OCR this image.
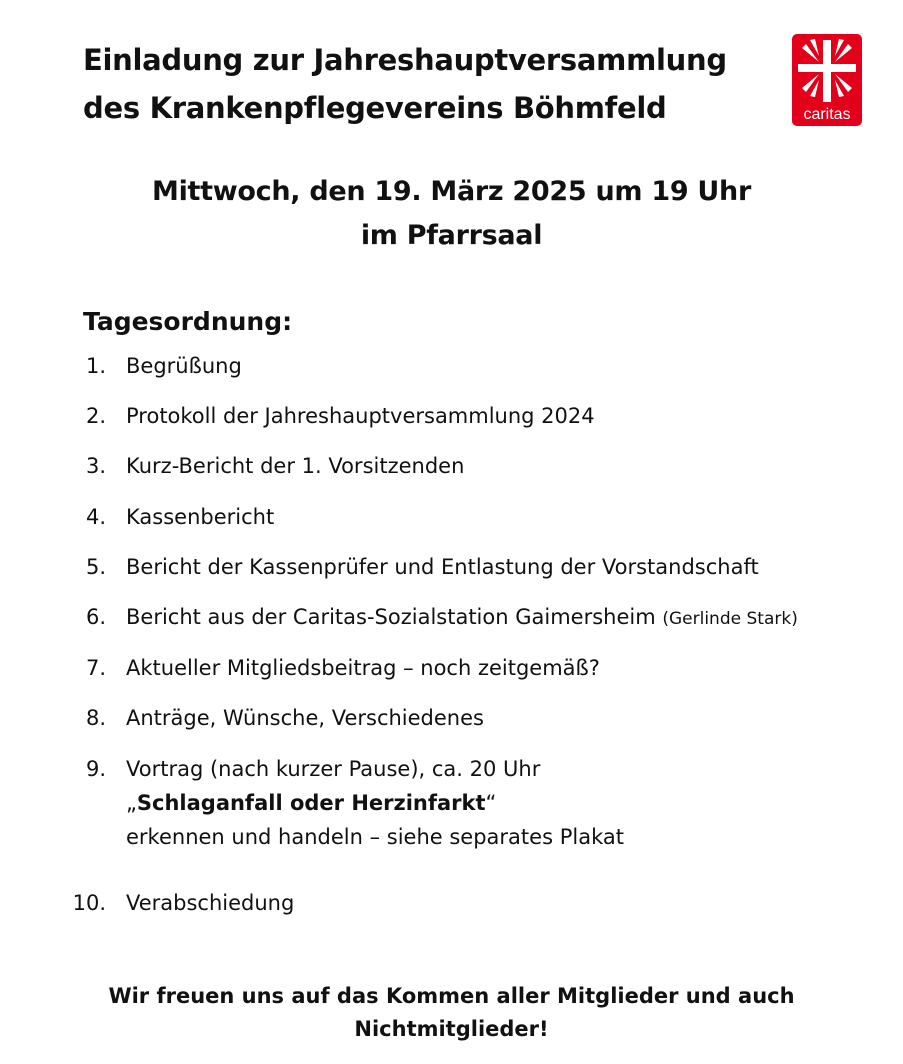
Einladung zur Jahreshauptversammlung
des Krankenpflegevereins Böhmfeld	caritas
Mittwoch, den 19. März 2025 um 19 Uhr
im Pfarrsaal
Tagesordnung:
1. Begrüßung
2. Protokoll der Jahreshauptversammlung 2024
3. Kurz-Bericht der 1. Vorsitzenden
4. Kassenbericht
5. Bericht der Kassenprüfer und Entlastung der Vorstandschaft
6. Bericht aus der Caritas-Sozialstation Gaimersheim (Gerlinde Stark)
7. Aktueller Mitgliedsbeitrag – noch zeitgemäß?
8. Anträge, Wünsche, Verschiedenes
9. Vortrag (nach kurzer Pause), ca. 20 Uhr
„Schlaganfall oder Herzinfarkt“
erkennen und handeln – siehe separates Plakat
10. Verabschiedung

Wir freuen uns auf das Kommen aller Mitglieder und auch
Nichtmitglieder!
